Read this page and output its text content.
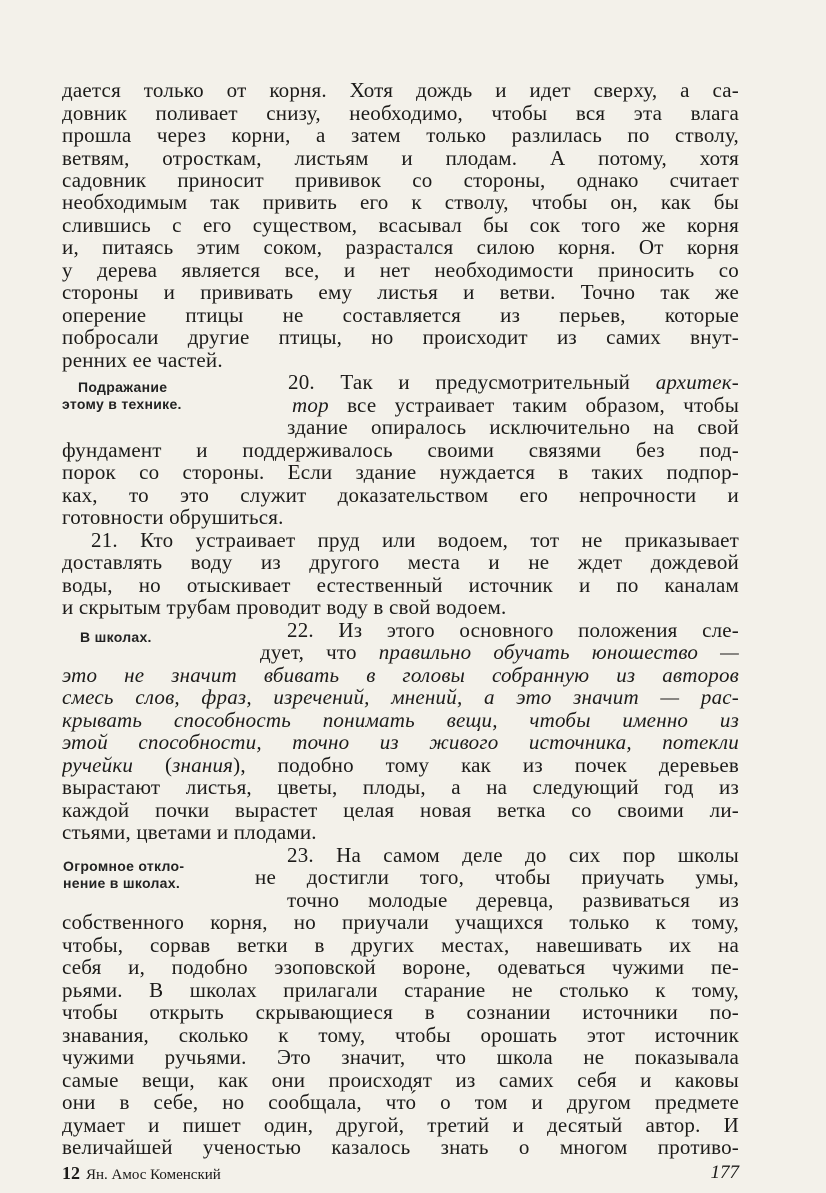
дается только от корня. Хотя дождь и идет сверху, а са-
довник поливает снизу, необходимо, чтобы вся эта влага
прошла через корни, а затем только разлилась по стволу,
ветвям, отросткам, листьям и плодам. А потому, хотя
садовник приносит прививок со стороны, однако считает
необходимым так привить его к стволу, чтобы он, как бы
слившись с его существом, всасывал бы сок того же корня
и, питаясь этим соком, разрастался силою корня. От корня
у дерева является все, и нет необходимости приносить со
стороны и прививать ему листья и ветви. Точно так же
оперение птицы не составляется из перьев, которые
побросали другие птицы, но происходит из самих внут-
ренних ее частей.
Подражание
этому в технике.
20. Так и предусмотрительный архитек-
тор все устраивает таким образом, чтобы
здание опиралось исключительно на свой
фундамент и поддерживалось своими связями без под-
порок со стороны. Если здание нуждается в таких подпор-
ках, то это служит доказательством его непрочности и
готовности обрушиться.
21. Кто устраивает пруд или водоем, тот не приказывает
доставлять воду из другого места и не ждет дождевой
воды, но отыскивает естественный источник и по каналам
и скрытым трубам проводит воду в свой водоем.
В школах.	22. Из этого основного положения сле-
дует, что правильно обучать юношество —
это не значит вбивать в головы собранную из авторов
смесь слов, фраз, изречений, мнений, а это значит — рас-
крывать способность понимать вещи, чтобы именно из
этой способности, точно из живого источника, потекли
ручейки (знания), подобно тому как из почек деревьев
вырастают листья, цветы, плоды, а на следующий год из
каждой почки вырастет целая новая ветка со своими ли-
стьями, цветами и плодами.
Огромное откло-
нение в школах.
23. На самом деле до сих пор школы
не достигли того, чтобы приучать умы,
точно молодые деревца, развиваться из
собственного корня, но приучали учащихся только к тому,
чтобы, сорвав ветки в других местах, навешивать их на
себя и, подобно эзоповской вороне, одеваться чужими пе-
рьями. В школах прилагали старание не столько к тому,
чтобы открыть скрывающиеся в сознании источники по-
знавания, сколько к тому, чтобы орошать этот источник
чужими ручьями. Это значит, что школа не показывала
самые вещи, как они происходят из самих себя и каковы
они в себе, но сообщала, что́ о том и другом предмете
думает и пишет один, другой, третий и десятый автор. И
величайшей ученостью казалось знать о многом противо-
12 Ян. Амос Коменский	177
